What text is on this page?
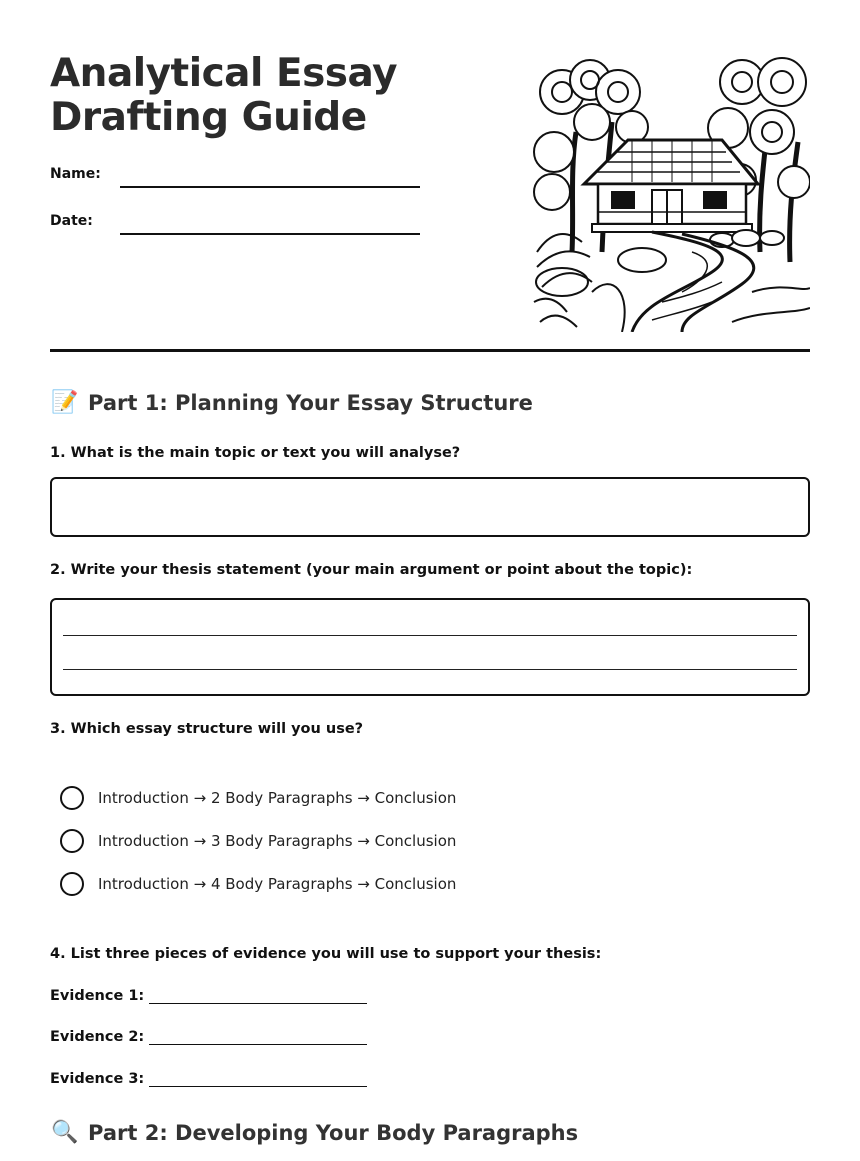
Analytical Essay
Drafting Guide
Name:
Date:
📝 Part 1: Planning Your Essay Structure
1. What is the main topic or text you will analyse?
2. Write your thesis statement (your main argument or point about the topic):
3. Which essay structure will you use?
Introduction → 2 Body Paragraphs → Conclusion
Introduction → 3 Body Paragraphs → Conclusion
Introduction → 4 Body Paragraphs → Conclusion
4. List three pieces of evidence you will use to support your thesis:
Evidence 1:
Evidence 2:
Evidence 3:
🔍 Part 2: Developing Your Body Paragraphs
